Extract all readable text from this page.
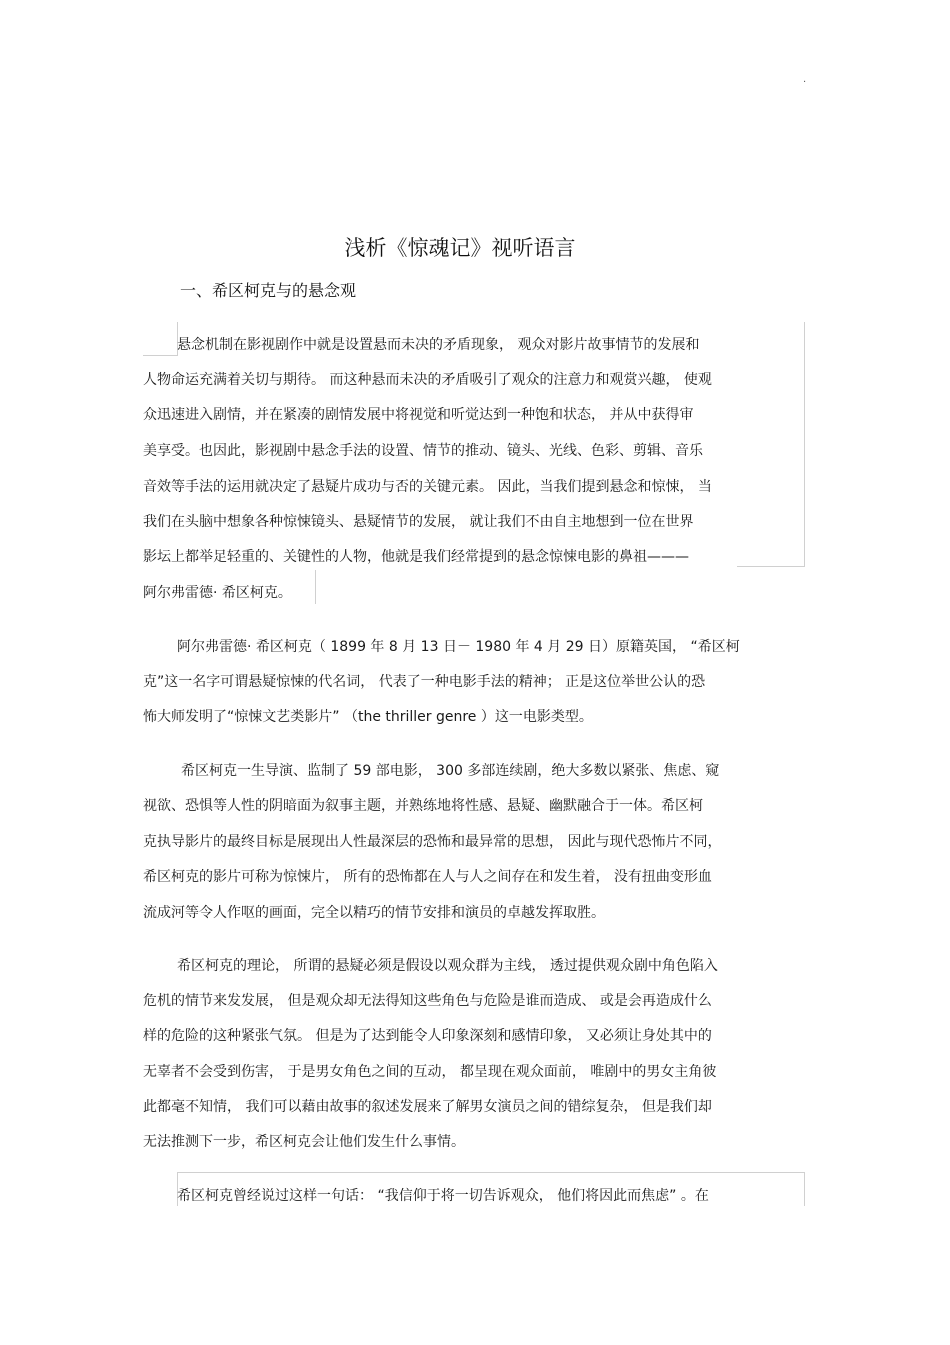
.
浅析《惊魂记》视听语言
一、希区柯克与的悬念观
悬念机制在影视剧作中就是设置悬而未决的矛盾现象， 观众对影片故事情节的发展和
人物命运充满着关切与期待。 而这种悬而未决的矛盾吸引了观众的注意力和观赏兴趣， 使观
众迅速进入剧情，并在紧凑的剧情发展中将视觉和听觉达到一种饱和状态， 并从中获得审
美享受。也因此，影视剧中悬念手法的设置、情节的推动、镜头、光线、色彩、剪辑、音乐
音效等手法的运用就决定了悬疑片成功与否的关键元素。 因此，当我们提到悬念和惊悚， 当
我们在头脑中想象各种惊悚镜头、悬疑情节的发展， 就让我们不由自主地想到一位在世界
影坛上都举足轻重的、关键性的人物，他就是我们经常提到的悬念惊悚电影的鼻祖———
阿尔弗雷德· 希区柯克。
阿尔弗雷德· 希区柯克（ 1899 年 8 月 13 日－ 1980 年 4 月 29 日）原籍英国， “希区柯
克”这一名字可谓悬疑惊悚的代名词， 代表了一种电影手法的精神； 正是这位举世公认的恐
怖大师发明了“惊悚文艺类影片” （the thriller genre ）这一电影类型。
希区柯克一生导演、监制了 59 部电影， 300 多部连续剧，绝大多数以紧张、焦虑、窥
视欲、恐惧等人性的阴暗面为叙事主题，并熟练地将性感、悬疑、幽默融合于一体。希区柯
克执导影片的最终目标是展现出人性最深层的恐怖和最异常的思想， 因此与现代恐怖片不同，
希区柯克的影片可称为惊悚片， 所有的恐怖都在人与人之间存在和发生着， 没有扭曲变形血
流成河等令人作呕的画面，完全以精巧的情节安排和演员的卓越发挥取胜。
希区柯克的理论， 所谓的悬疑必须是假设以观众群为主线， 透过提供观众剧中角色陷入
危机的情节来发发展， 但是观众却无法得知这些角色与危险是谁而造成、 或是会再造成什么
样的危险的这种紧张气氛。 但是为了达到能令人印象深刻和感情印象， 又必须让身处其中的
无辜者不会受到伤害， 于是男女角色之间的互动， 都呈现在观众面前， 唯剧中的男女主角彼
此都毫不知情， 我们可以藉由故事的叙述发展来了解男女演员之间的错综复杂， 但是我们却
无法推测下一步，希区柯克会让他们发生什么事情。
希区柯克曾经说过这样一句话： “我信仰于将一切告诉观众， 他们将因此而焦虑” 。在
